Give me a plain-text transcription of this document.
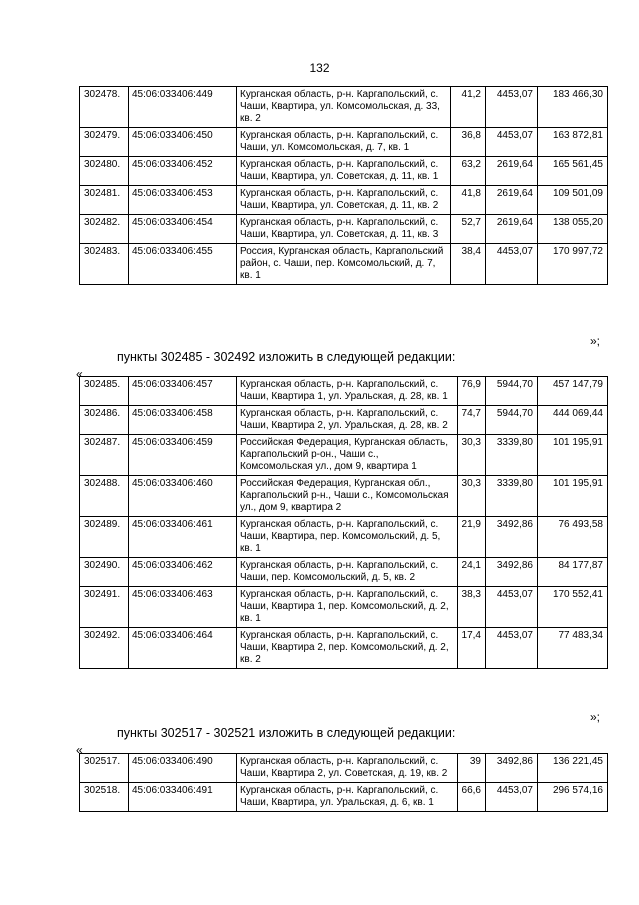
132
302478.	45:06:033406:449	Курганская область, р-н. Каргапольский, с. Чаши, Квартира, ул. Комсомольская, д. 33, кв. 2	41,2	4453,07	183 466,30
302479.	45:06:033406:450	Курганская область, р-н. Каргапольский, с. Чаши, ул. Комсомольская, д. 7, кв. 1	36,8	4453,07	163 872,81
302480.	45:06:033406:452	Курганская область, р-н. Каргапольский, с. Чаши, Квартира, ул. Советская, д. 11, кв. 1	63,2	2619,64	165 561,45
302481.	45:06:033406:453	Курганская область, р-н. Каргапольский, с. Чаши, Квартира, ул. Советская, д. 11, кв. 2	41,8	2619,64	109 501,09
302482.	45:06:033406:454	Курганская область, р-н. Каргапольский, с. Чаши, Квартира, ул. Советская, д. 11, кв. 3	52,7	2619,64	138 055,20
302483.	45:06:033406:455	Россия, Курганская область, Каргапольский район, с. Чаши, пер. Комсомольский, д. 7, кв. 1	38,4	4453,07	170 997,72
»;
пункты 302485 - 302492 изложить в следующей редакции:
«
302485.	45:06:033406:457	Курганская область, р-н. Каргапольский, с. Чаши, Квартира 1, ул. Уральская, д. 28, кв. 1	76,9	5944,70	457 147,79
302486.	45:06:033406:458	Курганская область, р-н. Каргапольский, с. Чаши, Квартира 2, ул. Уральская, д. 28, кв. 2	74,7	5944,70	444 069,44
302487.	45:06:033406:459	Российская Федерация, Курганская область, Каргапольский р-он., Чаши с., Комсомольская ул., дом 9, квартира 1	30,3	3339,80	101 195,91
302488.	45:06:033406:460	Российская Федерация, Курганская обл., Каргапольский р-н., Чаши с., Комсомольская ул., дом 9, квартира 2	30,3	3339,80	101 195,91
302489.	45:06:033406:461	Курганская область, р-н. Каргапольский, с. Чаши, Квартира, пер. Комсомольский, д. 5, кв. 1	21,9	3492,86	76 493,58
302490.	45:06:033406:462	Курганская область, р-н. Каргапольский, с. Чаши, пер. Комсомольский, д. 5, кв. 2	24,1	3492,86	84 177,87
302491.	45:06:033406:463	Курганская область, р-н. Каргапольский, с. Чаши, Квартира 1, пер. Комсомольский, д. 2, кв. 1	38,3	4453,07	170 552,41
302492.	45:06:033406:464	Курганская область, р-н. Каргапольский, с. Чаши, Квартира 2, пер. Комсомольский, д. 2, кв. 2	17,4	4453,07	77 483,34
»;
пункты 302517 - 302521 изложить в следующей редакции:
«
302517.	45:06:033406:490	Курганская область, р-н. Каргапольский, с. Чаши, Квартира 2, ул. Советская, д. 19, кв. 2	39	3492,86	136 221,45
302518.	45:06:033406:491	Курганская область, р-н. Каргапольский, с. Чаши, Квартира, ул. Уральская, д. 6, кв. 1	66,6	4453,07	296 574,16
